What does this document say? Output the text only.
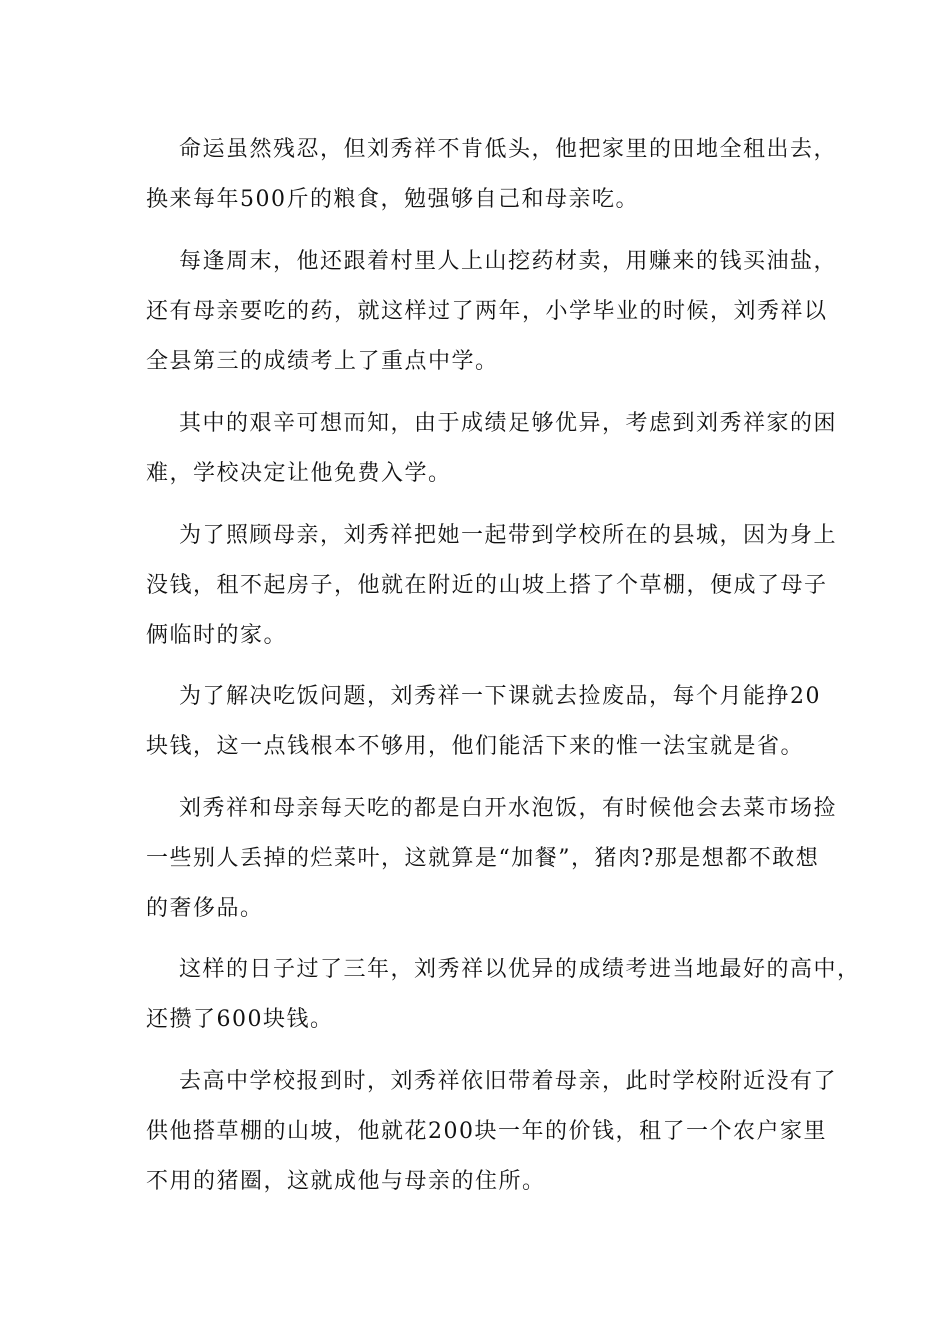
命运虽然残忍，但刘秀祥不肯低头，他把家里的田地全租出去，
换来每年500斤的粮食，勉强够自己和母亲吃。
每逢周末，他还跟着村里人上山挖药材卖，用赚来的钱买油盐，
还有母亲要吃的药，就这样过了两年，小学毕业的时候，刘秀祥以
全县第三的成绩考上了重点中学。
其中的艰辛可想而知，由于成绩足够优异，考虑到刘秀祥家的困
难，学校决定让他免费入学。
为了照顾母亲，刘秀祥把她一起带到学校所在的县城，因为身上
没钱，租不起房子，他就在附近的山坡上搭了个草棚，便成了母子
俩临时的家。
为了解决吃饭问题，刘秀祥一下课就去捡废品，每个月能挣20
块钱，这一点钱根本不够用，他们能活下来的惟一法宝就是省。
刘秀祥和母亲每天吃的都是白开水泡饭，有时候他会去菜市场捡
一些别人丢掉的烂菜叶，这就算是“加餐”，猪肉?那是想都不敢想
的奢侈品。
这样的日子过了三年，刘秀祥以优异的成绩考进当地最好的高中，
还攒了600块钱。
去高中学校报到时，刘秀祥依旧带着母亲，此时学校附近没有了
供他搭草棚的山坡，他就花200块一年的价钱，租了一个农户家里
不用的猪圈，这就成他与母亲的住所。
